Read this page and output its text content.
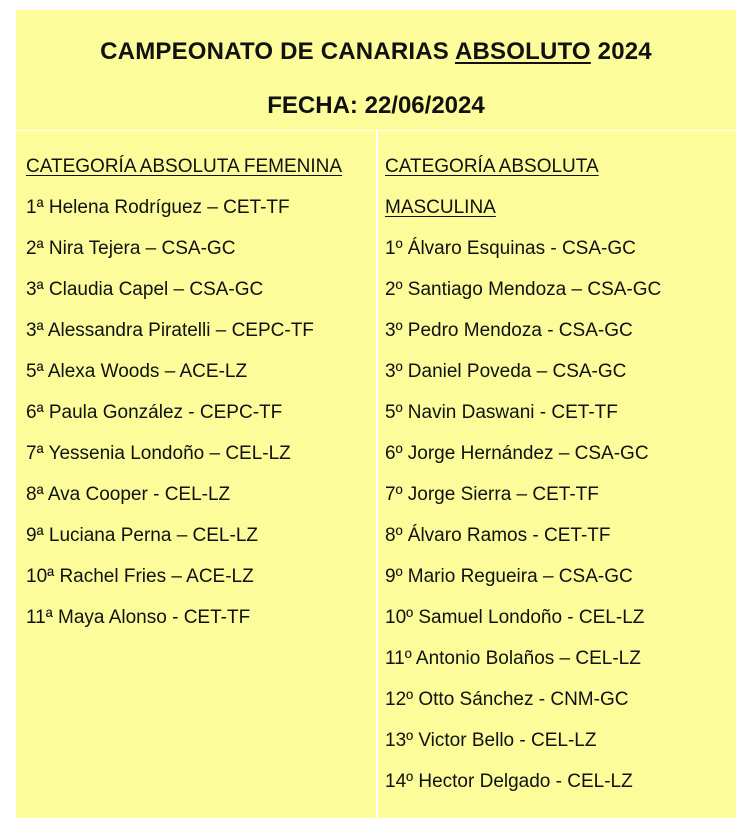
CAMPEONATO DE CANARIAS ABSOLUTO 2024
FECHA: 22/06/2024
CATEGORÍA ABSOLUTA FEMENINA
1ª Helena Rodríguez – CET-TF
2ª Nira Tejera – CSA-GC
3ª Claudia Capel – CSA-GC
3ª Alessandra Piratelli – CEPC-TF
5ª Alexa Woods – ACE-LZ
6ª Paula González - CEPC-TF
7ª Yessenia Londoño – CEL-LZ
8ª Ava Cooper - CEL-LZ
9ª Luciana Perna – CEL-LZ
10ª Rachel Fries – ACE-LZ
11ª Maya Alonso - CET-TF
CATEGORÍA ABSOLUTA
MASCULINA
1º Álvaro Esquinas - CSA-GC
2º Santiago Mendoza – CSA-GC
3º Pedro Mendoza - CSA-GC
3º Daniel Poveda – CSA-GC
5º Navin Daswani - CET-TF
6º Jorge Hernández – CSA-GC
7º Jorge Sierra – CET-TF
8º Álvaro Ramos - CET-TF
9º Mario Regueira – CSA-GC
10º Samuel Londoño - CEL-LZ
11º Antonio Bolaños – CEL-LZ
12º Otto Sánchez - CNM-GC
13º Victor Bello - CEL-LZ
14º Hector Delgado - CEL-LZ
